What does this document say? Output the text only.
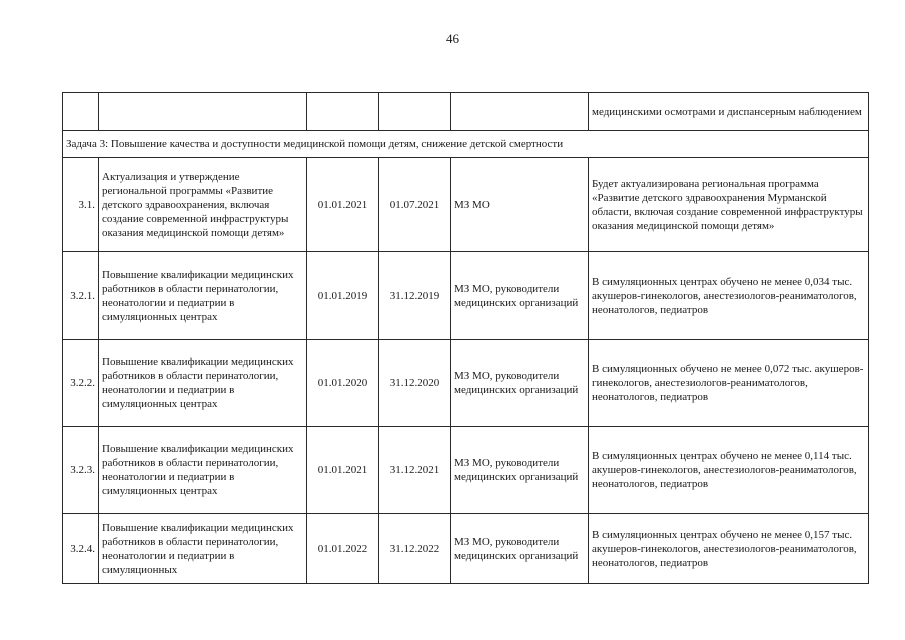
46
					медицинскими осмотрами и диспансерным наблюдением
Задача 3: Повышение качества и доступности медицинской помощи детям, снижение детской смертности					
3.1.	Актуализация и утверждение региональной программы «Развитие детского здравоохранения, включая создание современной инфраструктуры оказания медицинской помощи детям»	01.01.2021	01.07.2021	МЗ МО	Будет актуализирована региональная программа «Развитие детского здравоохранения Мурманской области, включая создание современной инфраструктуры оказания медицинской помощи детям»
3.2.1.	Повышение квалификации медицинских работников в области перинатологии, неонатологии и педиатрии в симуляционных центрах	01.01.2019	31.12.2019	МЗ МО, руководители медицинских организаций	В симуляционных центрах обучено не менее 0,034 тыс. акушеров-гинекологов, анестезиологов-реаниматологов, неонатологов, педиатров
3.2.2.	Повышение квалификации медицинских работников в области перинатологии, неонатологии и педиатрии в симуляционных центрах	01.01.2020	31.12.2020	МЗ МО, руководители медицинских организаций	В симуляционных обучено не менее 0,072 тыс. акушеров-гинекологов, анестезиологов-реаниматологов, неонатологов, педиатров
3.2.3.	Повышение квалификации медицинских работников в области перинатологии, неонатологии и педиатрии в симуляционных центрах	01.01.2021	31.12.2021	МЗ МО, руководители медицинских организаций	В симуляционных центрах обучено не менее 0,114 тыс. акушеров-гинекологов, анестезиологов-реаниматологов, неонатологов, педиатров
3.2.4.	Повышение квалификации медицинских работников в области перинатологии, неонатологии и педиатрии в симуляционных	01.01.2022	31.12.2022	МЗ МО, руководители медицинских организаций	В симуляционных центрах обучено не менее 0,157 тыс. акушеров-гинекологов, анестезиологов-реаниматологов, неонатологов, педиатров
